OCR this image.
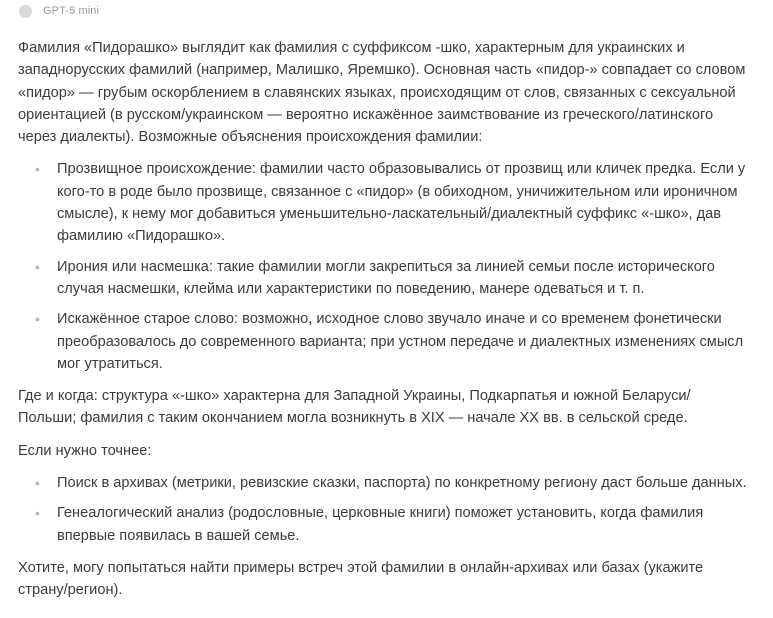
GPT-5 mini

Фамилия «Пидорашко» выглядит как фамилия с суффиксом -шко, характерным для украинских и западнорусских фамилий (например, Малишко, Яремшко). Основная часть «пидор-» совпадает со словом «пидор» — грубым оскорблением в славянских языках, происходящим от слов, связанных с сексуальной ориентацией (в русском/украинском — вероятно искажённое заимствование из греческого/латинского через диалекты). Возможные объяснения происхождения фамилии:

• Прозвищное происхождение: фамилии часто образовывались от прозвищ или кличек предка. Если у кого-то в роде было прозвище, связанное с «пидор» (в обиходном, уничижительном или ироничном смысле), к нему мог добавиться уменьшительно-ласкательный/диалектный суффикс «-шко», дав фамилию «Пидорашко».
• Ирония или насмешка: такие фамилии могли закрепиться за линией семьи после исторического случая насмешки, клейма или характеристики по поведению, манере одеваться и т. п.
• Искажённое старое слово: возможно, исходное слово звучало иначе и со временем фонетически преобразовалось до современного варианта; при устном передаче и диалектных изменениях смысл мог утратиться.

Где и когда: структура «-шко» характерна для Западной Украины, Подкарпатья и южной Беларуси/Польши; фамилия с таким окончанием могла возникнуть в XIX — начале XX вв. в сельской среде.

Если нужно точнее:

• Поиск в архивах (метрики, ревизские сказки, паспорта) по конкретному региону даст больше данных.
• Генеалогический анализ (родословные, церковные книги) поможет установить, когда фамилия впервые появилась в вашей семье.

Хотите, могу попытаться найти примеры встреч этой фамилии в онлайн-архивах или базах (укажите страну/регион).
